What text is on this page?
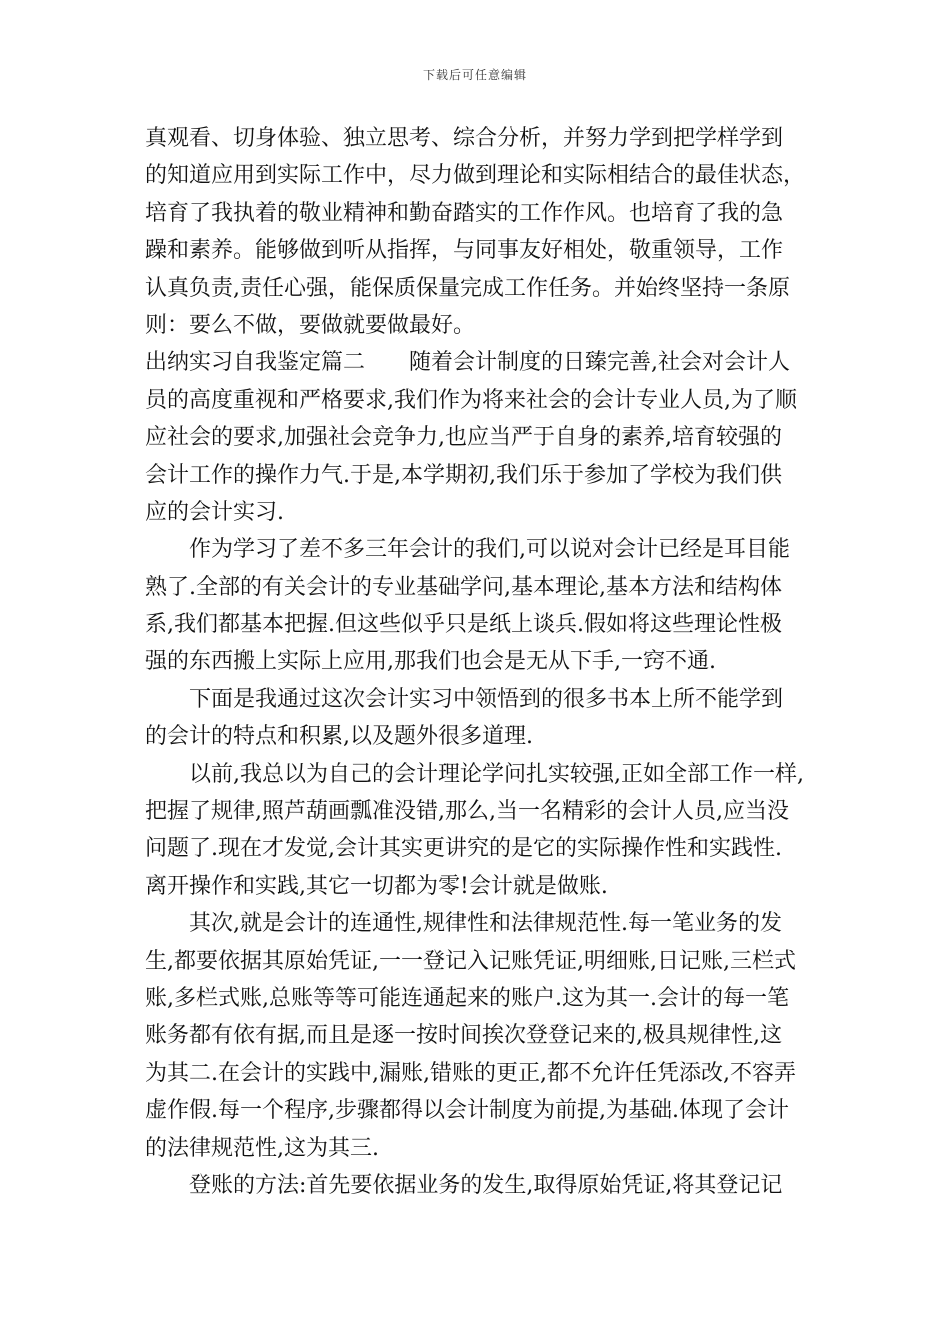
下载后可任意编辑
真观看、切身体验、独立思考、综合分析，并努力学到把学样学到
的知道应用到实际工作中，尽力做到理论和实际相结合的最佳状态，
培育了我执着的敬业精神和勤奋踏实的工作作风。也培育了我的急
躁和素养。能够做到听从指挥，与同事友好相处，敬重领导，工作
认真负责,责任心强，能保质保量完成工作任务。并始终坚持一条原
则：要么不做，要做就要做最好。
出纳实习自我鉴定篇二 随着会计制度的日臻完善,社会对会计人
员的高度重视和严格要求,我们作为将来社会的会计专业人员,为了顺
应社会的要求,加强社会竞争力,也应当严于自身的素养,培育较强的
会计工作的操作力气.于是,本学期初,我们乐于参加了学校为我们供
应的会计实习.
作为学习了差不多三年会计的我们,可以说对会计已经是耳目能
熟了.全部的有关会计的专业基础学问,基本理论,基本方法和结构体
系,我们都基本把握.但这些似乎只是纸上谈兵.假如将这些理论性极
强的东西搬上实际上应用,那我们也会是无从下手,一窍不通.
下面是我通过这次会计实习中领悟到的很多书本上所不能学到
的会计的特点和积累,以及题外很多道理.
以前,我总以为自己的会计理论学问扎实较强,正如全部工作一样,
把握了规律,照芦葫画瓢准没错,那么,当一名精彩的会计人员,应当没
问题了.现在才发觉,会计其实更讲究的是它的实际操作性和实践性.
离开操作和实践,其它一切都为零!会计就是做账.
其次,就是会计的连通性,规律性和法律规范性.每一笔业务的发
生,都要依据其原始凭证,一一登记入记账凭证,明细账,日记账,三栏式
账,多栏式账,总账等等可能连通起来的账户.这为其一.会计的每一笔
账务都有依有据,而且是逐一按时间挨次登登记来的,极具规律性,这
为其二.在会计的实践中,漏账,错账的更正,都不允许任凭添改,不容弄
虚作假.每一个程序,步骤都得以会计制度为前提,为基础.体现了会计
的法律规范性,这为其三.
登账的方法:首先要依据业务的发生,取得原始凭证,将其登记记
